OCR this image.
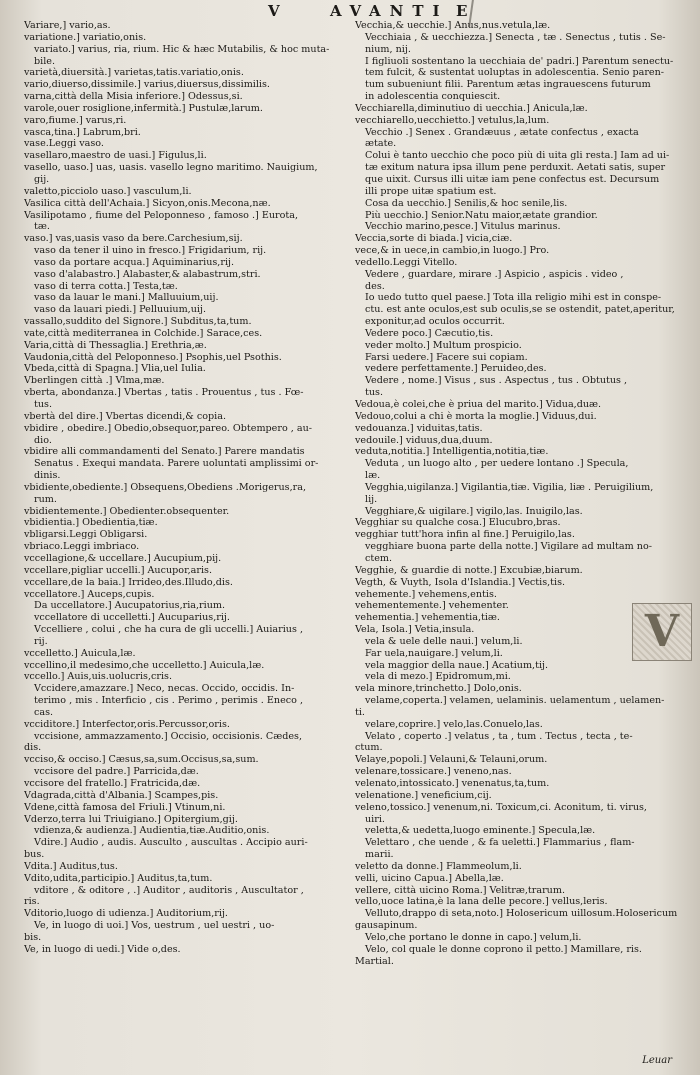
V	AVANTI E
Variare,] vario,as.
variatione.] variatio,onis.
variato.] varius, ria, rium. Hic & hæc Mutabilis, & hoc muta-
bile.
varietà,diuersità.] varietas,tatis.variatio,onis.
vario,diuerso,dissimile.] varius,diuersus,dissimilis.
varna,città della Misia inferiore.] Odessus,si.
varole,ouer rosiglione,infermità.] Pustulæ,larum.
varo,fiume.] varus,ri.
vasca,tina.] Labrum,bri.
vase.Leggi vaso.
vasellaro,maestro de uasi.] Figulus,li.
vasello, uaso.] uas, uasis. vasello legno maritimo. Nauigium,
gij.
valetto,picciolo uaso.] vasculum,li.
Vasilica città dell'Achaia.] Sicyon,onis.Mecona,næ.
Vasilipotamo , fiume del Peloponneso , famoso .] Eurota,
tæ.
vaso.] vas,uasis vaso da bere.Carchesium,sij.
vaso da tener il uino in fresco.] Frigidarium, rij.
vaso da portare acqua.] Aquiminarius,rij.
vaso d'alabastro.] Alabaster,& alabastrum,stri.
vaso di terra cotta.] Testa,tæ.
vaso da lauar le mani.] Malluuium,uij.
vaso da lauari piedi.] Pelluuium,uij.
vassallo,suddito del Signore.] Subditus,ta,tum.
vate,città mediterranea in Colchide.] Sarace,ces.
Varia,città di Thessaglia.] Erethria,æ.
Vaudonia,città del Peloponneso.] Psophis,uel Psothis.
Vbeda,città di Spagna.] Vlia,uel Iulia.
Vberlingen città .] Vlma,mæ.
vberta, abondanza.] Vbertas , tatis . Prouentus , tus . Fœ-
tus.
vbertà del dire.] Vbertas dicendi,& copia.
vbidire , obedire.] Obedio,obsequor,pareo. Obtempero , au-
dio.
vbidire alli commandamenti del Senato.] Parere mandatis
Senatus . Exequi mandata. Parere uoluntati amplissimi or-
dinis.
vbidiente,obediente.] Obsequens,Obediens .Morigerus,ra,
rum.
vbidientemente.] Obedienter.obsequenter.
vbidientia.] Obedientia,tiæ.
vbligarsi.Leggi Obligarsi.
vbriaco.Leggi imbriaco.
vccellagione,& uccellare.] Aucupium,pij.
vccellare,pigliar uccelli.] Aucupor,aris.
vccellare,de la baia.] Irrideo,des.Illudo,dis.
vccellatore.] Auceps,cupis.
Da uccellatore.] Aucupatorius,ria,rium.
vccellatore di uccelletti.] Aucuparius,rij.
Vccelliere , colui , che ha cura de gli uccelli.] Auiarius ,
rij.
vccelletto.] Auicula,læ.
vccellino,il medesimo,che uccelletto.] Auicula,læ.
vccello.] Auis,uis.uolucris,cris.
Vccidere,amazzare.] Neco, necas. Occido, occidis. In-
terimo , mis . Interficio , cis . Perimo , perimis . Eneco ,
cas.
vcciditore.] Interfector,oris.Percussor,oris.
vccisione, ammazzamento.] Occisio, occisionis. Cædes,
dis.
vcciso,& occiso.] Cæsus,sa,sum.Occisus,sa,sum.
vccisore del padre.] Parricida,dæ.
vccisore del fratello.] Fratricida,dæ.
Vdagrada,città d'Albania.] Scampes,pis.
Vdene,città famosa del Friuli.] Vtinum,ni.
Vderzo,terra lui Triuigiano.] Opitergium,gij.
vdienza,& audienza.] Audientia,tiæ.Auditio,onis.
Vdire.] Audio , audis. Ausculto , auscultas . Accipio auri-
bus.
Vdita.] Auditus,tus.
Vdito,udita,participio.] Auditus,ta,tum.
vditore , & oditore , .] Auditor , auditoris , Auscultator ,
ris.
Vditorio,luogo di udienza.] Auditorium,rij.
Ve, in luogo di uoi.] Vos, uestrum , uel uestri , uo-
bis.
Ve, in luogo di uedi.] Vide o,des.
Vecchia,& uecchie.] Anus,nus.vetula,læ.
Vecchiaia , & uecchiezza.] Senecta , tæ . Senectus , tutis . Se-
nium, nij.
I figliuoli sostentano la uecchiaia de' padri.] Parentum senectu-
tem fulcit, & sustentat uoluptas in adolescentia. Senio paren-
tum subueniunt filii. Parentum ætas ingrauescens futurum
in adolescentia conquiescit.
Vecchiarella,diminutiuo di uecchia.] Anicula,læ.
vecchiarello,uecchietto.] vetulus,la,lum.
Vecchio .] Senex . Grandæuus , ætate confectus , exacta
ætate.
Colui è tanto uecchio che poco più di uita gli resta.] Iam ad ui-
tæ exitum natura ipsa illum pene perduxit. Aetati satis, super
que uixit. Cursus illi uitæ iam pene confectus est. Decursum
illi prope uitæ spatium est.
Cosa da uecchio.] Senilis,& hoc senile,lis.
Più uecchio.] Senior.Natu maior,ætate grandior.
Vecchio marino,pesce.] Vitulus marinus.
Veccia,sorte di biada.] vicia,ciæ.
vece,& in uece,in cambio,in luogo.] Pro.
vedello.Leggi Vitello.
Vedere , guardare, mirare .] Aspicio , aspicis . video ,
des.
Io uedo tutto quel paese.] Tota illa religio mihi est in conspe-
ctu. est ante oculos,est sub oculis,se se ostendit, patet,aperitur,
exponitur,ad oculos occurrit.
Vedere poco.] Cæcutio,tis.
veder molto.] Multum prospicio.
Farsi uedere.] Facere sui copiam.
vedere perfettamente.] Peruideo,des.
Vedere , nome.] Visus , sus . Aspectus , tus . Obtutus ,
tus.
Vedoua,è colei,che è priua del marito.] Vidua,duæ.
Vedouo,colui a chi è morta la moglie.] Viduus,dui.
vedouanza.] viduitas,tatis.
vedouile.] viduus,dua,duum.
veduta,notitia.] Intelligentia,notitia,tiæ.
Veduta , un luogo alto , per uedere lontano .] Specula,
læ.
Vegghia,uigilanza.] Vigilantia,tiæ. Vigilia, liæ . Peruigilium,
lij.
Vegghiare,& uigilare.] vigilo,las. Inuigilo,las.
Vegghiar su qualche cosa.] Elucubro,bras.
vegghiar tutt'hora infin al fine.] Peruigilo,las.
vegghiare buona parte della notte.] Vigilare ad multam no-
ctem.
Vegghie, & guardie di notte.] Excubiæ,biarum.
Vegth, & Vuyth, Isola d'Islandia.] Vectis,tis.
vehemente.] vehemens,entis.
vehementemente.] vehementer.
vehementia.] vehementia,tiæ.
Vela, Isola.] Vetia,insula.
vela & uele delle naui.] velum,li.
Far uela,nauigare.] velum,li.
vela maggior della naue.] Acatium,tij.
vela di mezo.] Epidromum,mi.
vela minore,trinchetto.] Dolo,onis.
velame,coperta.] velamen, uelaminis. uelamentum , uelamen-
ti.
velare,coprire.] velo,las.Conuelo,las.
Velato , coperto .] velatus , ta , tum . Tectus , tecta , te-
ctum.
Velaye,popoli.] Velauni,& Telauni,orum.
velenare,tossicare.] veneno,nas.
velenato,intossicato.] venenatus,ta,tum.
velenatione.] veneficium,cij.
veleno,tossico.] venenum,ni. Toxicum,ci. Aconitum, ti. virus,
uiri.
veletta,& uedetta,luogo eminente.] Specula,læ.
Velettaro , che uende , & fa ueletti.] Flammarius , flam-
marii.
veletto da donne.] Flammeolum,li.
velli, uicino Capua.] Abella,læ.
vellere, città uicino Roma.] Velitræ,trarum.
vello,uoce latina,è la lana delle pecore.] vellus,leris.
Velluto,drappo di seta,noto.] Holosericum uillosum.Holosericum
gausapinum.
Velo,che portano le donne in capo.] velum,li.
Velo, col quale le donne coprono il petto.] Mamillare, ris.
Martial.
V
Leuar
